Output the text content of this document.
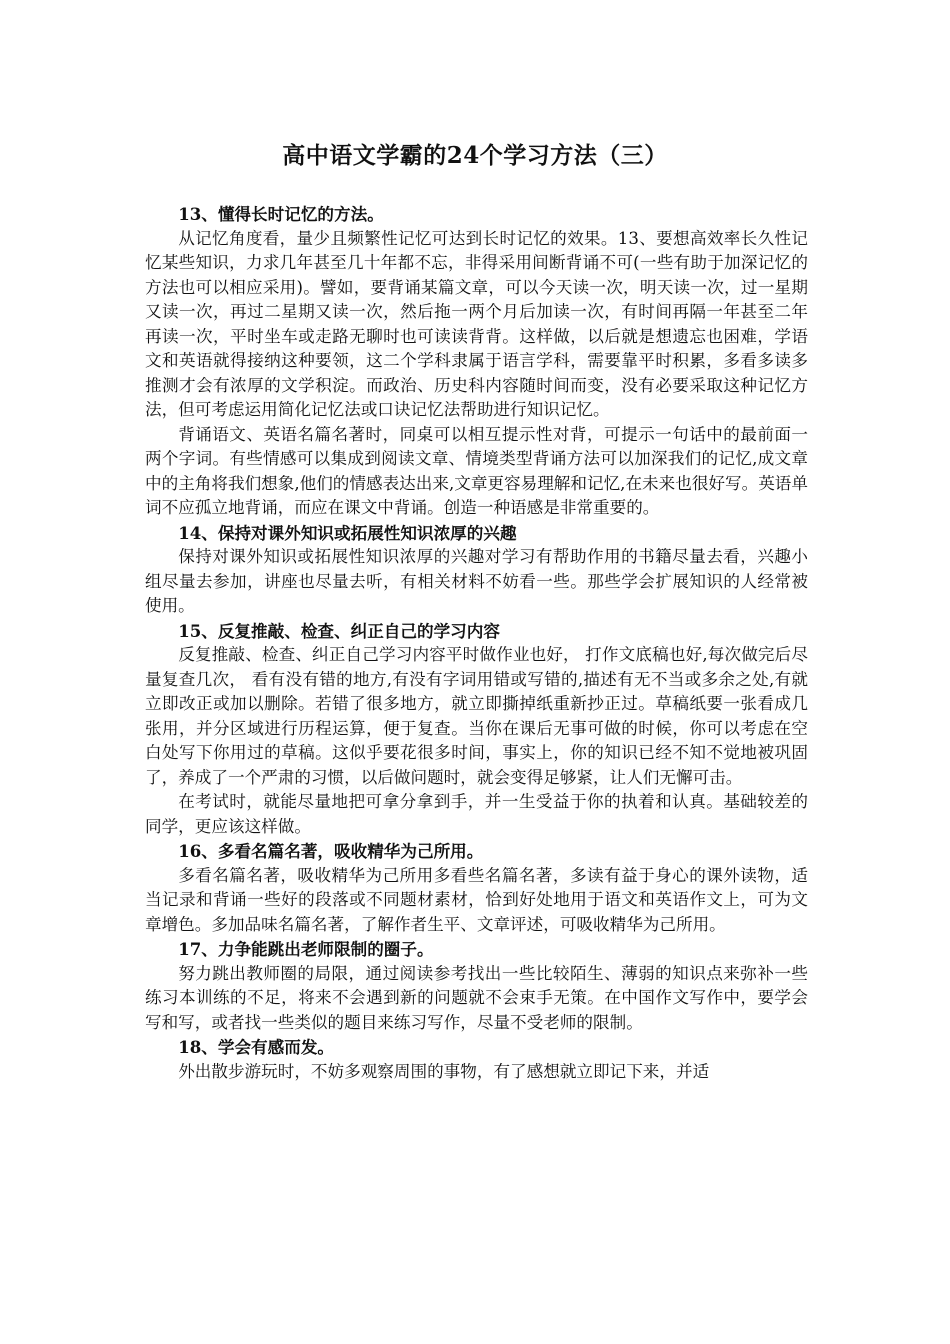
高中语文学霸的24个学习方法（三）

13、懂得长时记忆的方法。

从记忆角度看，量少且频繁性记忆可达到长时记忆的效果。13、要想高效率长久性记忆某些知识，力求几年甚至几十年都不忘，非得采用间断背诵不可(一些有助于加深记忆的方法也可以相应采用)。譬如，要背诵某篇文章，可以今天读一次，明天读一次，过一星期又读一次，再过二星期又读一次，然后拖一两个月后加读一次，有时间再隔一年甚至二年再读一次，平时坐车或走路无聊时也可读读背背。这样做，以后就是想遗忘也困难，学语文和英语就得接纳这种要领，这二个学科隶属于语言学科，需要靠平时积累，多看多读多推测才会有浓厚的文学积淀。而政治、历史科内容随时间而变，没有必要采取这种记忆方法，但可考虑运用简化记忆法或口诀记忆法帮助进行知识记忆。

背诵语文、英语名篇名著时，同桌可以相互提示性对背，可提示一句话中的最前面一两个字词。有些情感可以集成到阅读文章、情境类型背诵方法可以加深我们的记忆,成文章中的主角将我们想象,他们的情感表达出来,文章更容易理解和记忆,在未来也很好写。英语单词不应孤立地背诵，而应在课文中背诵。创造一种语感是非常重要的。

14、保持对课外知识或拓展性知识浓厚的兴趣

保持对课外知识或拓展性知识浓厚的兴趣对学习有帮助作用的书籍尽量去看，兴趣小组尽量去参加，讲座也尽量去听，有相关材料不妨看一些。那些学会扩展知识的人经常被使用。

15、反复推敲、检查、纠正自己的学习内容

反复推敲、检查、纠正自己学习内容平时做作业也好， 打作文底稿也好,每次做完后尽量复查几次， 看有没有错的地方,有没有字词用错或写错的,描述有无不当或多余之处,有就立即改正或加以删除。若错了很多地方，就立即撕掉纸重新抄正过。草稿纸要一张看成几张用，并分区域进行历程运算，便于复查。当你在课后无事可做的时候，你可以考虑在空白处写下你用过的草稿。这似乎要花很多时间，事实上，你的知识已经不知不觉地被巩固了，养成了一个严肃的习惯，以后做问题时，就会变得足够紧，让人们无懈可击。

在考试时，就能尽量地把可拿分拿到手，并一生受益于你的执着和认真。基础较差的同学，更应该这样做。

16、多看名篇名著，吸收精华为己所用。

多看名篇名著，吸收精华为己所用多看些名篇名著，多读有益于身心的课外读物，适当记录和背诵一些好的段落或不同题材素材，恰到好处地用于语文和英语作文上，可为文章增色。多加品味名篇名著，了解作者生平、文章评述，可吸收精华为己所用。

17、力争能跳出老师限制的圈子。

努力跳出教师圈的局限，通过阅读参考找出一些比较陌生、薄弱的知识点来弥补一些练习本训练的不足，将来不会遇到新的问题就不会束手无策。在中国作文写作中，要学会写和写，或者找一些类似的题目来练习写作，尽量不受老师的限制。

18、学会有感而发。

外出散步游玩时，不妨多观察周围的事物，有了感想就立即记下来，并适
